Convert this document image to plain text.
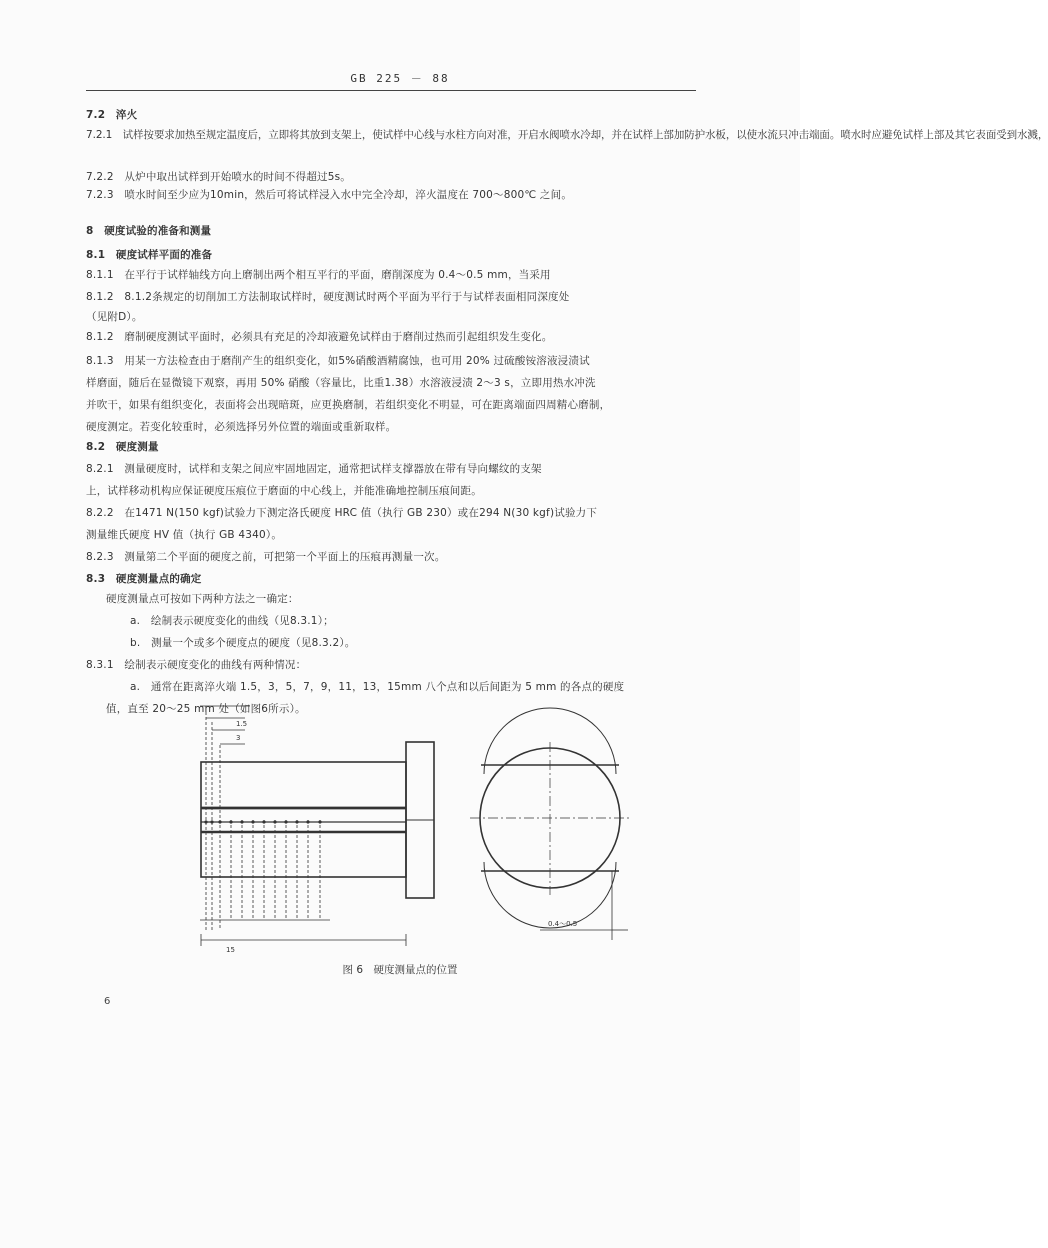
GB 225 － 88
7.2　淬火
7.2.1　试样按要求加热至规定温度后，立即将其放到支架上，使试样中心线与水柱方向对准，开启水阀喷水冷却，并在试样上部加防护水板，以使水流只冲击端面。喷水时应避免试样上部及其它表面受到水溅，
7.2.2　从炉中取出试样到开始喷水的时间不得超过5s。
7.2.3　喷水时间至少应为10min，然后可将试样浸入水中完全冷却，淬火温度在 700～800℃ 之间。
8　硬度试验的准备和测量
8.1　硬度试样平面的准备
8.1.1　在平行于试样轴线方向上磨制出两个相互平行的平面，磨削深度为 0.4～0.5 mm，当采用
8.1.2　8.1.2条规定的切削加工方法制取试样时，硬度测试时两个平面为平行于与试样表面相同深度处
（见附D）。
8.1.2　磨制硬度测试平面时，必须具有充足的冷却液避免试样由于磨削过热而引起组织发生变化。
8.1.3　用某一方法检查由于磨削产生的组织变化，如5%硝酸酒精腐蚀，也可用 20% 过硫酸铵溶液浸渍试
样磨面，随后在显微镜下观察，再用 50% 硝酸（容量比，比重1.38）水溶液浸渍 2～3 s，立即用热水冲洗
并吹干，如果有组织变化，表面将会出现暗斑，应更换磨制，若组织变化不明显，可在距离端面四周精心磨制，
硬度测定。若变化较重时，必须选择另外位置的端面或重新取样。
8.2　硬度测量
8.2.1　测量硬度时，试样和支架之间应牢固地固定，通常把试样支撑器放在带有导向螺纹的支架
上，试样移动机构应保证硬度压痕位于磨面的中心线上，并能准确地控制压痕间距。
8.2.2　在1471 N(150 kgf)试验力下测定洛氏硬度 HRC 值（执行 GB 230）或在294 N(30 kgf)试验力下
测量维氏硬度 HV 值（执行 GB 4340）。
8.2.3　测量第二个平面的硬度之前，可把第一个平面上的压痕再测量一次。
8.3　硬度测量点的确定
硬度测量点可按如下两种方法之一确定：
a.　绘制表示硬度变化的曲线（见8.3.1）；
b.　测量一个或多个硬度点的硬度（见8.3.2）。
8.3.1　绘制表示硬度变化的曲线有两种情况：
a.　通常在距离淬火端 1.5，3，5，7，9，11，13，15mm 八个点和以后间距为 5 mm 的各点的硬度
值，直至 20～25 mm 处（如图6所示）。
1.5
3
15
0.4～0.5
图 6　硬度测量点的位置
6
